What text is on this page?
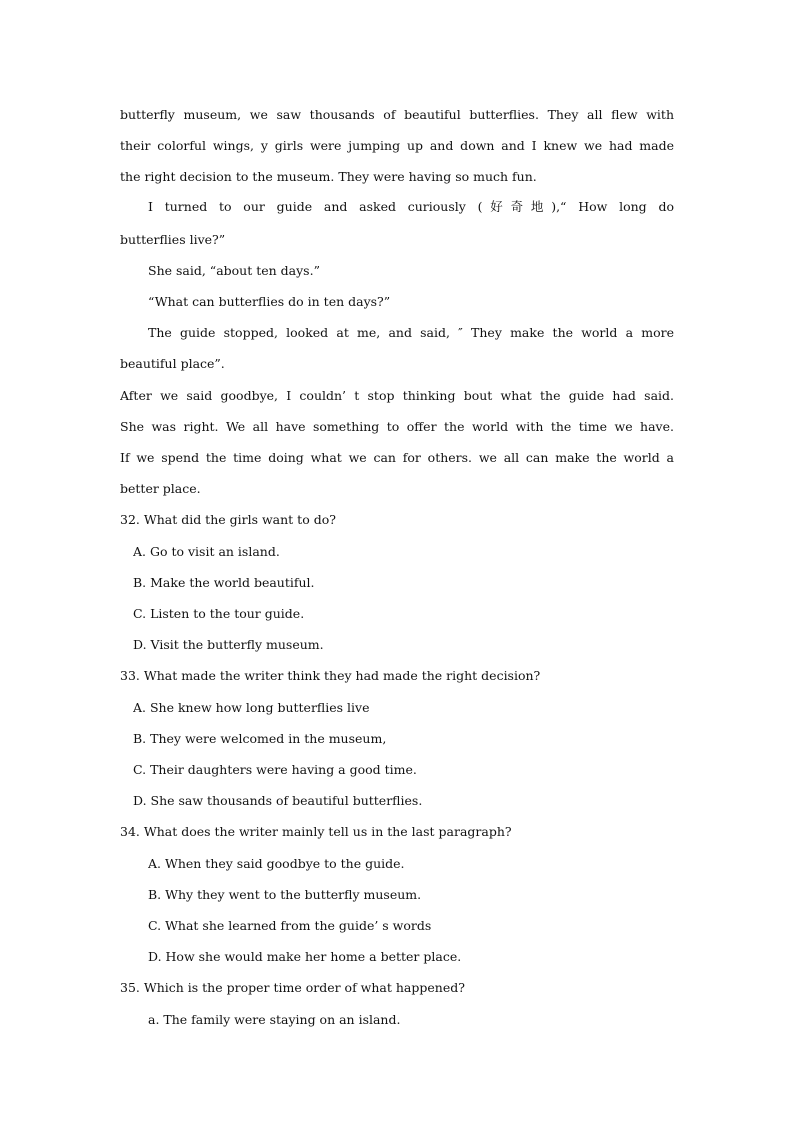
butterfly museum, we saw thousands of beautiful butterflies. They all flew with
their colorful wings, y girls were jumping up and down and I knew we had made
the right decision to the museum. They were having so much fun.
I turned to our guide and asked curiously (好奇地),“ How long do
butterflies live?”
She said, “about ten days.”
“What can butterflies do in ten days?”
The guide stopped, looked at me, and said, ″ They make the world a more
beautiful place”.
After we said goodbye, I couldn’ t stop thinking bout what the guide had said.
She was right. We all have something to offer the world with the time we have.
If we spend the time doing what we can for others. we all can make the world a
better place.
32. What did the girls want to do?
A. Go to visit an island.
B. Make the world beautiful.
C. Listen to the tour guide.
D. Visit the butterfly museum.
33. What made the writer think they had made the right decision?
A. She knew how long butterflies live
B. They were welcomed in the museum,
C. Their daughters were having a good time.
D. She saw thousands of beautiful butterflies.
34. What does the writer mainly tell us in the last paragraph?
A. When they said goodbye to the guide.
B. Why they went to the butterfly museum.
C. What she learned from the guide’ s words
D. How she would make her home a better place.
35. Which is the proper time order of what happened?
a. The family were staying on an island.
